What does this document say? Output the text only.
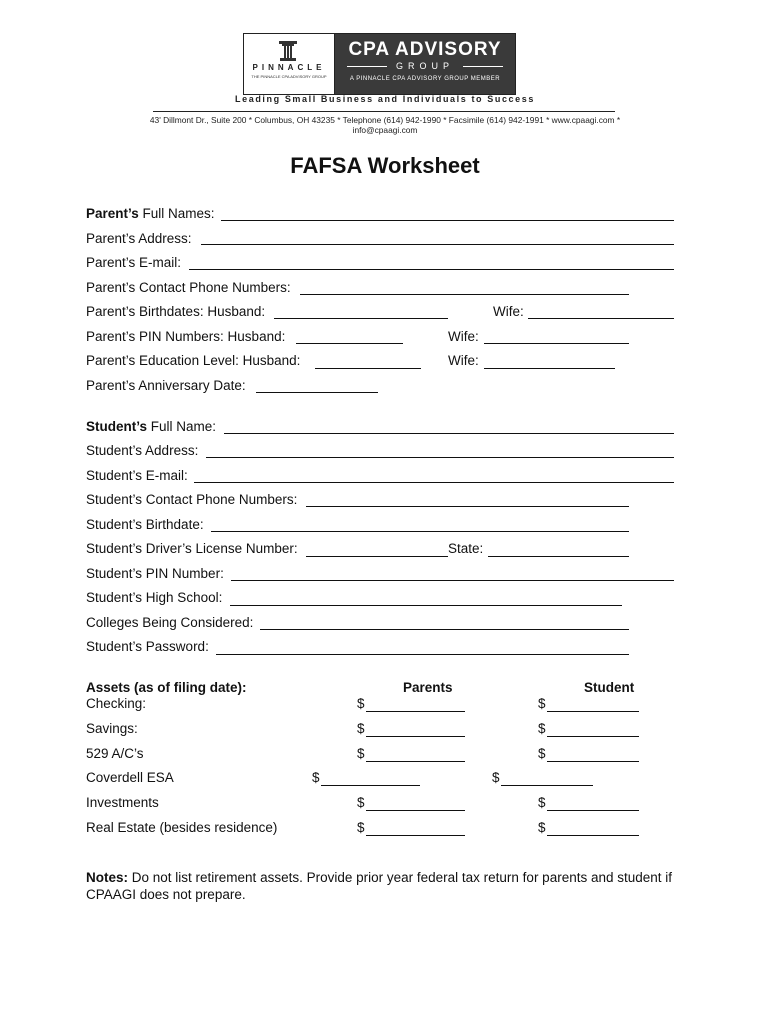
PINNACLE
THE PINNACLE CPA ADVISORY GROUP
CPA ADVISORY
GROUP
A PINNACLE CPA ADVISORY GROUP MEMBER
Leading Small Business and Individuals to Success
43' Dillmont Dr., Suite 200 * Columbus, OH 43235 * Telephone (614) 942-1990 * Facsimile (614) 942-1991 * www.cpaagi.com * info@cpaagi.com
FAFSA Worksheet
Parent’s Full Names:
Parent’s Address:
Parent’s E-mail:
Parent’s Contact Phone Numbers:
Parent’s Birthdates: Husband:	Wife:
Parent’s PIN Numbers: Husband:	Wife:
Parent’s Education Level: Husband:	Wife:
Parent’s Anniversary Date:
Student’s Full Name:
Student’s Address:
Student’s E-mail:
Student’s Contact Phone Numbers:
Student’s Birthdate:
Student’s Driver’s License Number:	State:
Student’s PIN Number:
Student’s High School:
Colleges Being Considered:
Student’s Password:
Assets (as of filing date):	Parents	Student
Checking:	$	$
Savings:	$	$
529 A/C’s	$	$
Coverdell ESA	$	$
Investments	$	$
Real Estate (besides residence)	$	$
Notes: Do not list retirement assets. Provide prior year federal tax return for parents and student if CPAAGI does not prepare.
